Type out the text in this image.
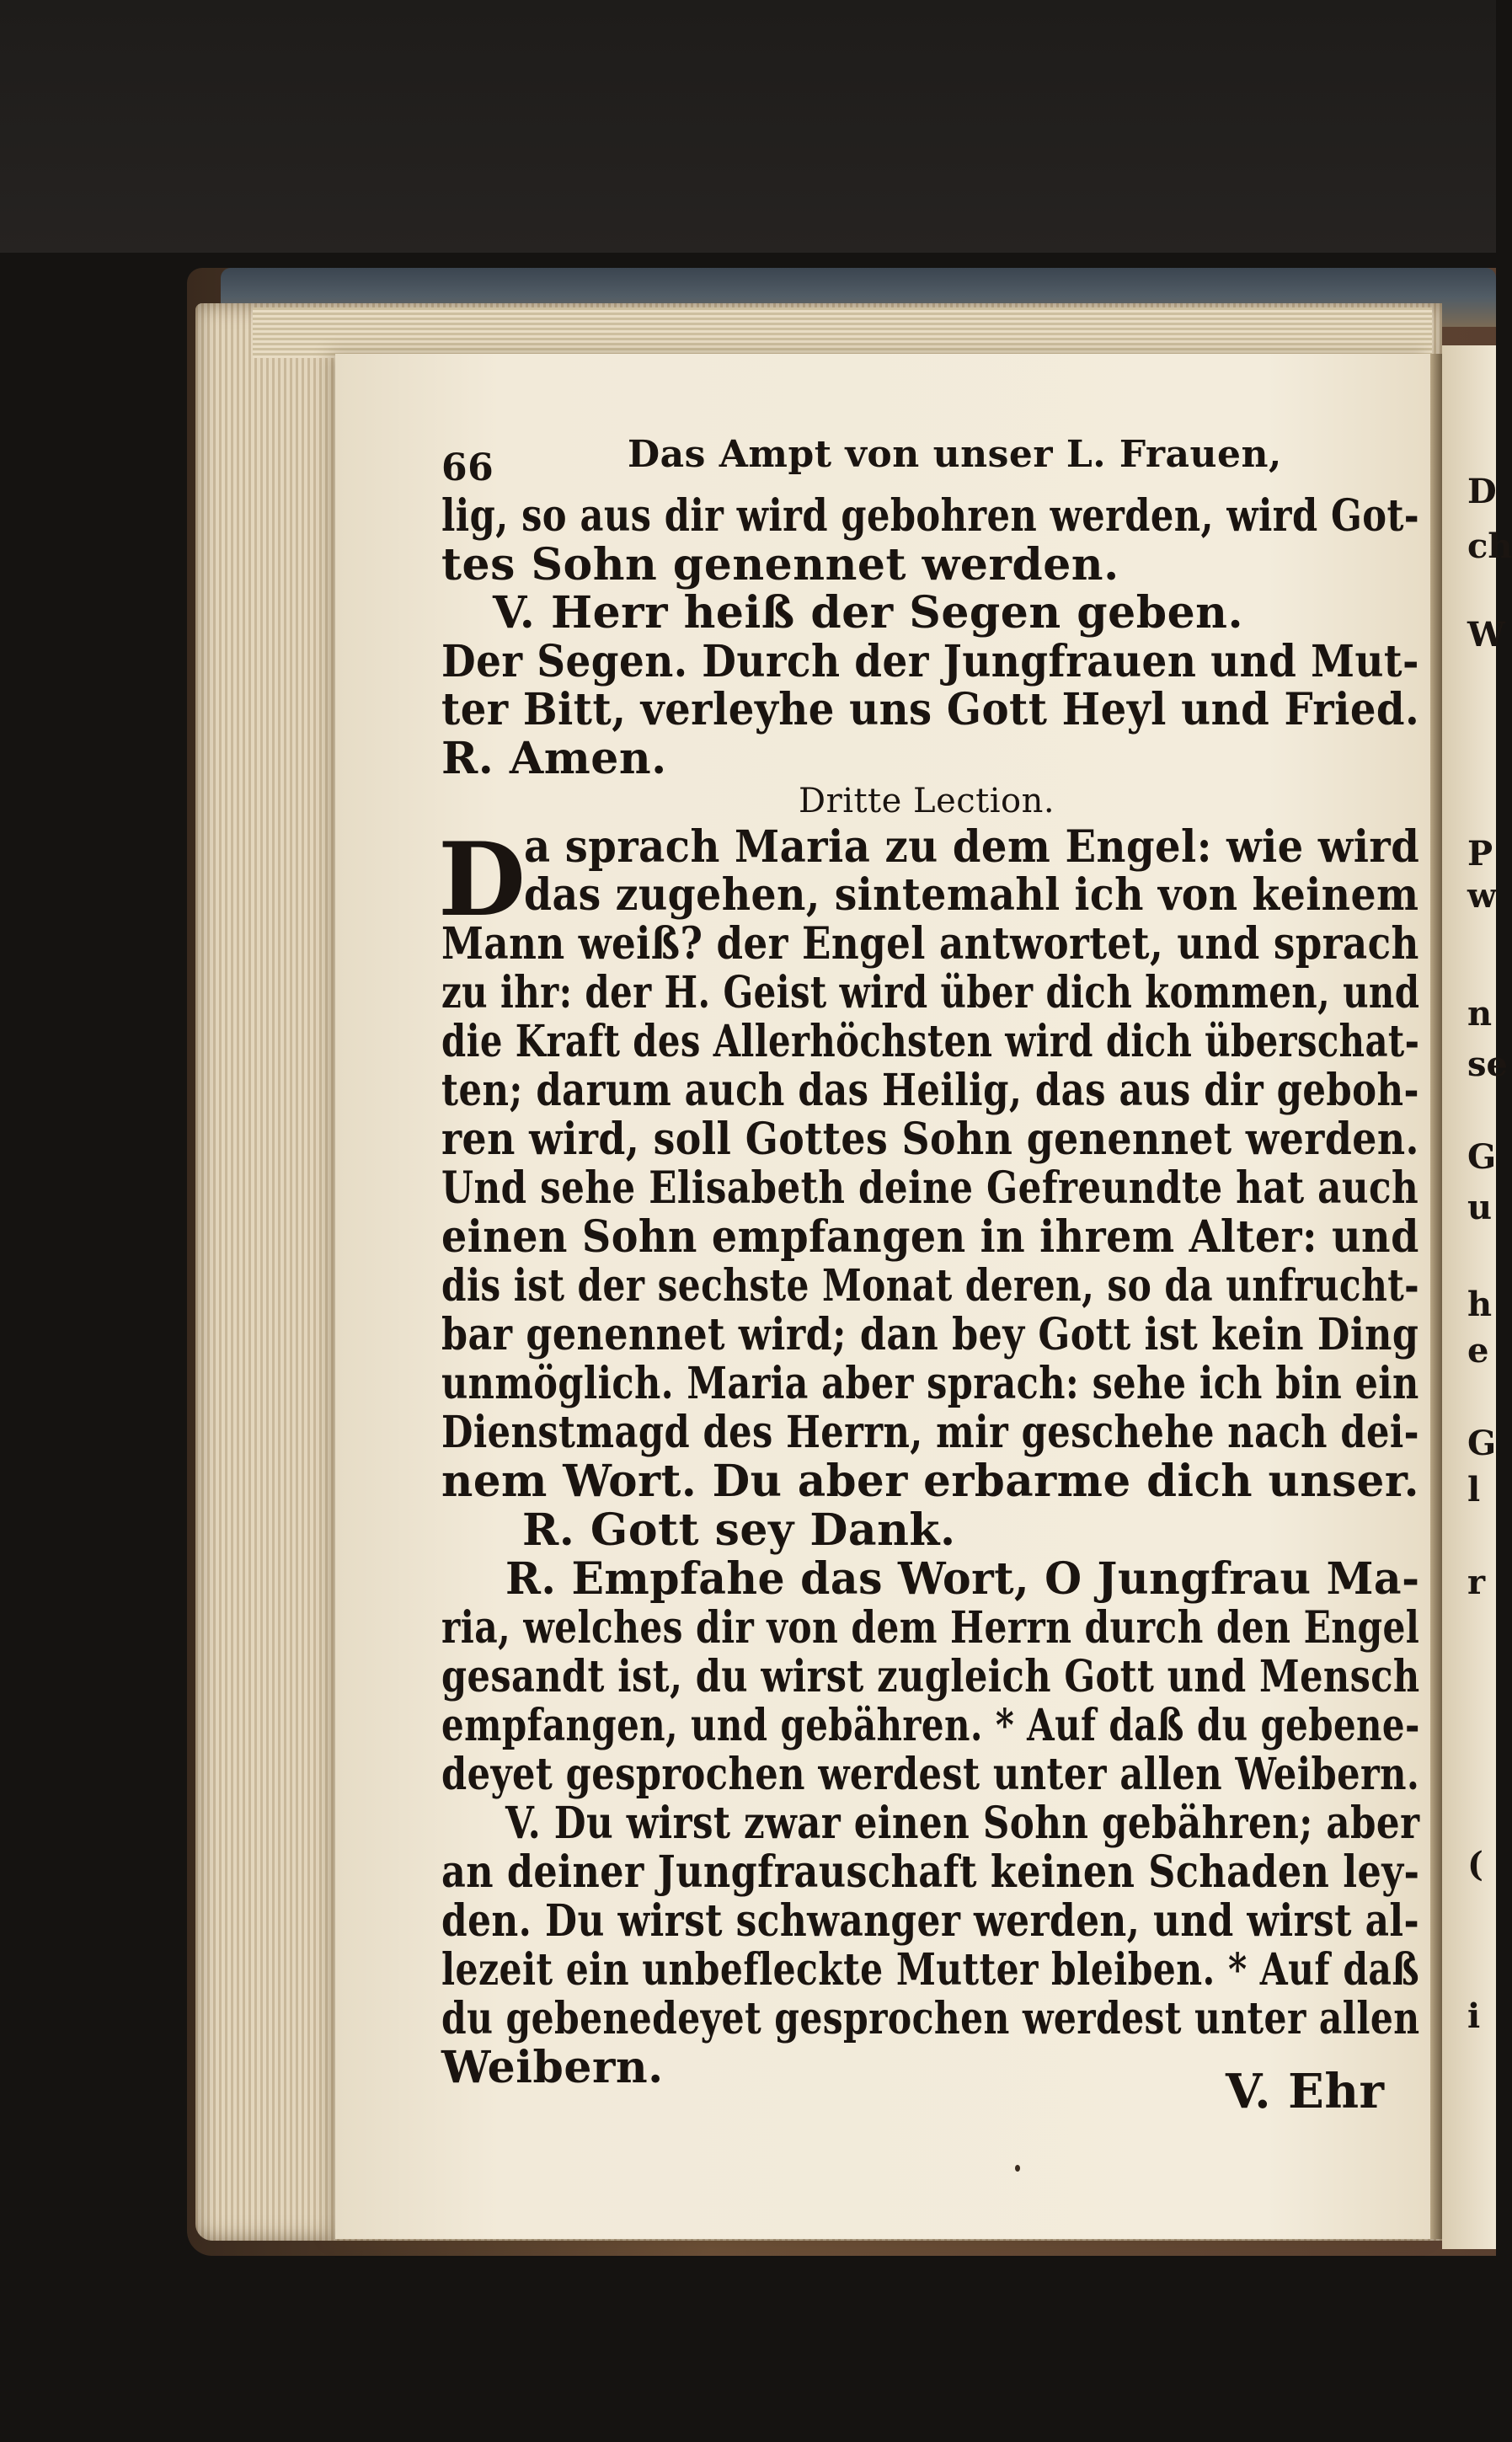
D
ch
W
P
w
n
se
G
u
h
e
G
l
r
(
i
66	Das Ampt von unser L. Frauen,
lig, so aus dir wird gebohren werden, wird Got-
tes Sohn genennet werden.
V. Herr heiß der Segen geben.
Der Segen. Durch der Jungfrauen und Mut-
ter Bitt, verleyhe uns Gott Heyl und Fried.
R. Amen.
Dritte Lection.
D
a sprach Maria zu dem Engel: wie wird
das zugehen, sintemahl ich von keinem
Mann weiß? der Engel antwortet, und sprach
zu ihr: der H. Geist wird über dich kommen, und
die Kraft des Allerhöchsten wird dich überschat-
ten; darum auch das Heilig, das aus dir geboh-
ren wird, soll Gottes Sohn genennet werden.
Und sehe Elisabeth deine Gefreundte hat auch
einen Sohn empfangen in ihrem Alter: und
dis ist der sechste Monat deren, so da unfrucht-
bar genennet wird; dan bey Gott ist kein Ding
unmöglich. Maria aber sprach: sehe ich bin ein
Dienstmagd des Herrn, mir geschehe nach dei-
nem Wort. Du aber erbarme dich unser.
R. Gott sey Dank.
R. Empfahe das Wort, O Jungfrau Ma-
ria, welches dir von dem Herrn durch den Engel
gesandt ist, du wirst zugleich Gott und Mensch
empfangen, und gebähren. * Auf daß du gebene-
deyet gesprochen werdest unter allen Weibern.
V. Du wirst zwar einen Sohn gebähren; aber
an deiner Jungfrauschaft keinen Schaden ley-
den. Du wirst schwanger werden, und wirst al-
lezeit ein unbefleckte Mutter bleiben. * Auf daß
du gebenedeyet gesprochen werdest unter allen
Weibern.	V. Ehr
